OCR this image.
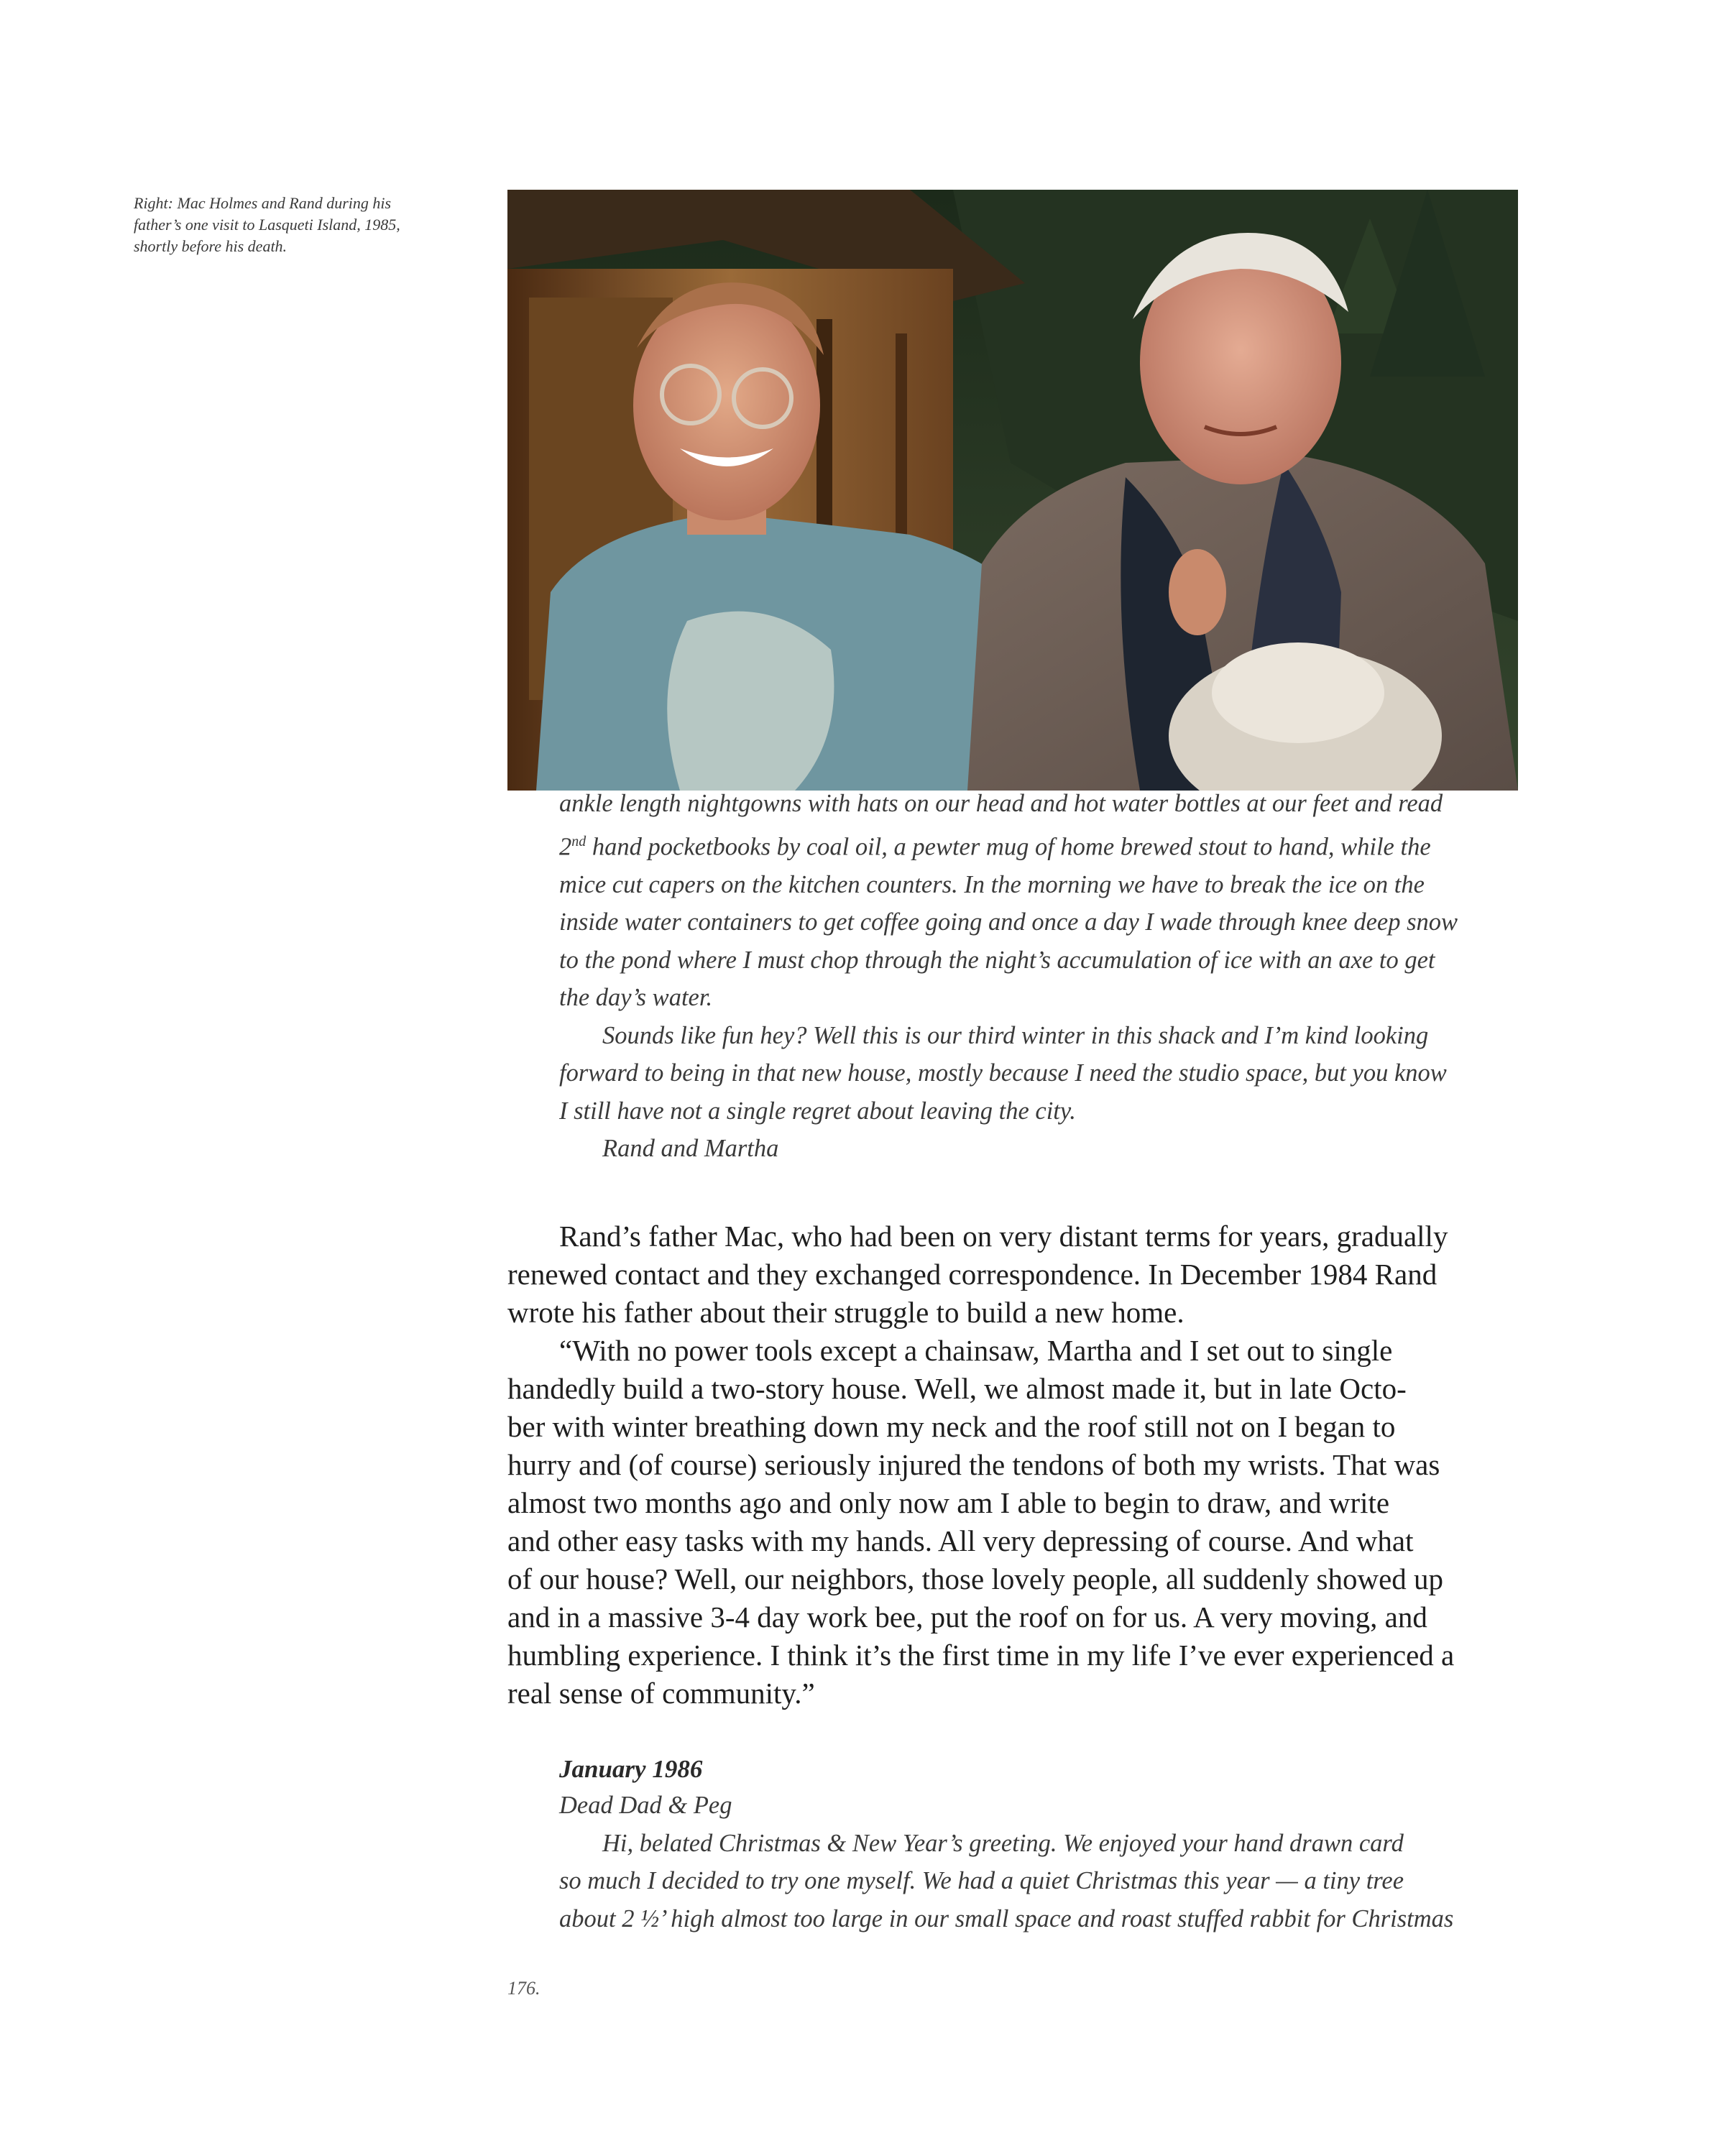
Right: Mac Holmes and Rand during his
father’s one visit to Lasqueti Island, 1985,
shortly before his death.
ankle length nightgowns with hats on our head and hot water bottles at our feet and read
2nd hand pocketbooks by coal oil, a pewter mug of home brewed stout to hand, while the
mice cut capers on the kitchen counters. In the morning we have to break the ice on the
inside water containers to get coffee going and once a day I wade through knee deep snow
to the pond where I must chop through the night’s accumulation of ice with an axe to get
the day’s water.
Sounds like fun hey? Well this is our third winter in this shack and I’m kind looking
forward to being in that new house, mostly because I need the studio space, but you know
I still have not a single regret about leaving the city.
Rand and Martha
Rand’s father Mac, who had been on very distant terms for years, gradually
renewed contact and they exchanged correspondence. In December 1984 Rand
wrote his father about their struggle to build a new home.
“With no power tools except a chainsaw, Martha and I set out to single
handedly build a two-story house. Well, we almost made it, but in late Octo-
ber with winter breathing down my neck and the roof still not on I began to
hurry and (of course) seriously injured the tendons of both my wrists. That was
almost two months ago and only now am I able to begin to draw, and write
and other easy tasks with my hands. All very depressing of course. And what
of our house? Well, our neighbors, those lovely people, all suddenly showed up
and in a massive 3-4 day work bee, put the roof on for us. A very moving, and
humbling experience. I think it’s the first time in my life I’ve ever experienced a
real sense of community.”
January 1986
Dead Dad & Peg
Hi, belated Christmas & New Year’s greeting. We enjoyed your hand drawn card
so much I decided to try one myself. We had a quiet Christmas this year — a tiny tree
about 2 ½’ high almost too large in our small space and roast stuffed rabbit for Christmas
176.
